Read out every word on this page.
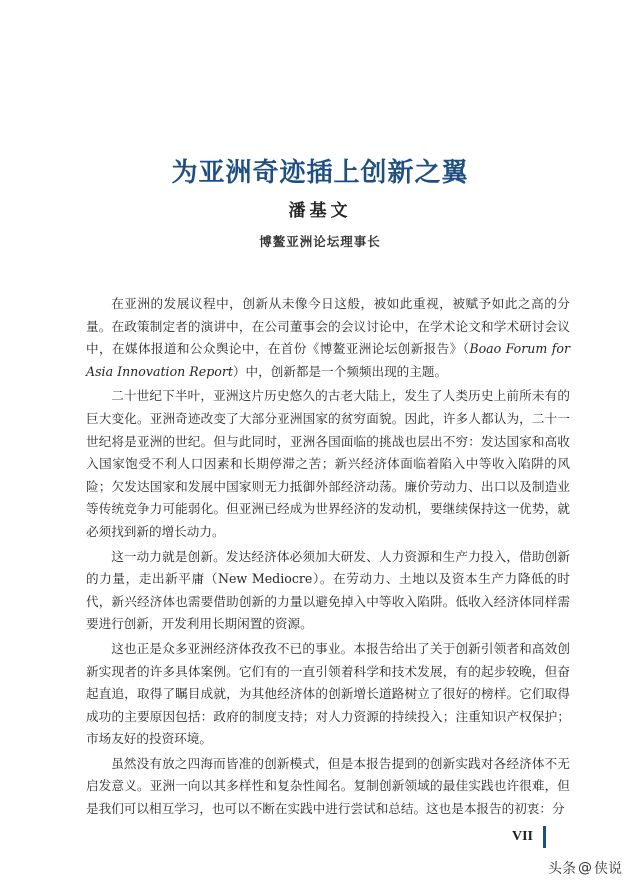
为亚洲奇迹插上创新之翼
潘基文
博鳌亚洲论坛理事长

在亚洲的发展议程中，创新从未像今日这般，被如此重视，被赋予如此之高的分量。在政策制定者的演讲中，在公司董事会的会议讨论中，在学术论文和学术研讨会议中，在媒体报道和公众舆论中，在首份《博鳌亚洲论坛创新报告》（Boao Forum for Asia Innovation Report）中，创新都是一个频频出现的主题。

二十世纪下半叶，亚洲这片历史悠久的古老大陆上，发生了人类历史上前所未有的巨大变化。亚洲奇迹改变了大部分亚洲国家的贫穷面貌。因此，许多人都认为，二十一世纪将是亚洲的世纪。但与此同时，亚洲各国面临的挑战也层出不穷：发达国家和高收入国家饱受不利人口因素和长期停滞之苦；新兴经济体面临着陷入中等收入陷阱的风险；欠发达国家和发展中国家则无力抵御外部经济动荡。廉价劳动力、出口以及制造业等传统竞争力可能弱化。但亚洲已经成为世界经济的发动机，要继续保持这一优势，就必须找到新的增长动力。

这一动力就是创新。发达经济体必须加大研发、人力资源和生产力投入，借助创新的力量，走出新平庸（New Mediocre）。在劳动力、土地以及资本生产力降低的时代，新兴经济体也需要借助创新的力量以避免掉入中等收入陷阱。低收入经济体同样需要进行创新，开发利用长期闲置的资源。

这也正是众多亚洲经济体孜孜不已的事业。本报告给出了关于创新引领者和高效创新实现者的许多具体案例。它们有的一直引领着科学和技术发展，有的起步较晚，但奋起直追，取得了瞩目成就，为其他经济体的创新增长道路树立了很好的榜样。它们取得成功的主要原因包括：政府的制度支持；对人力资源的持续投入；注重知识产权保护；市场友好的投资环境。

虽然没有放之四海而皆准的创新模式，但是本报告提到的创新实践对各经济体不无启发意义。亚洲一向以其多样性和复杂性闻名。复制创新领域的最佳实践也许很难，但是我们可以相互学习，也可以不断在实践中进行尝试和总结。这也是本报告的初衷：分

VII
头条 @ 侠说
